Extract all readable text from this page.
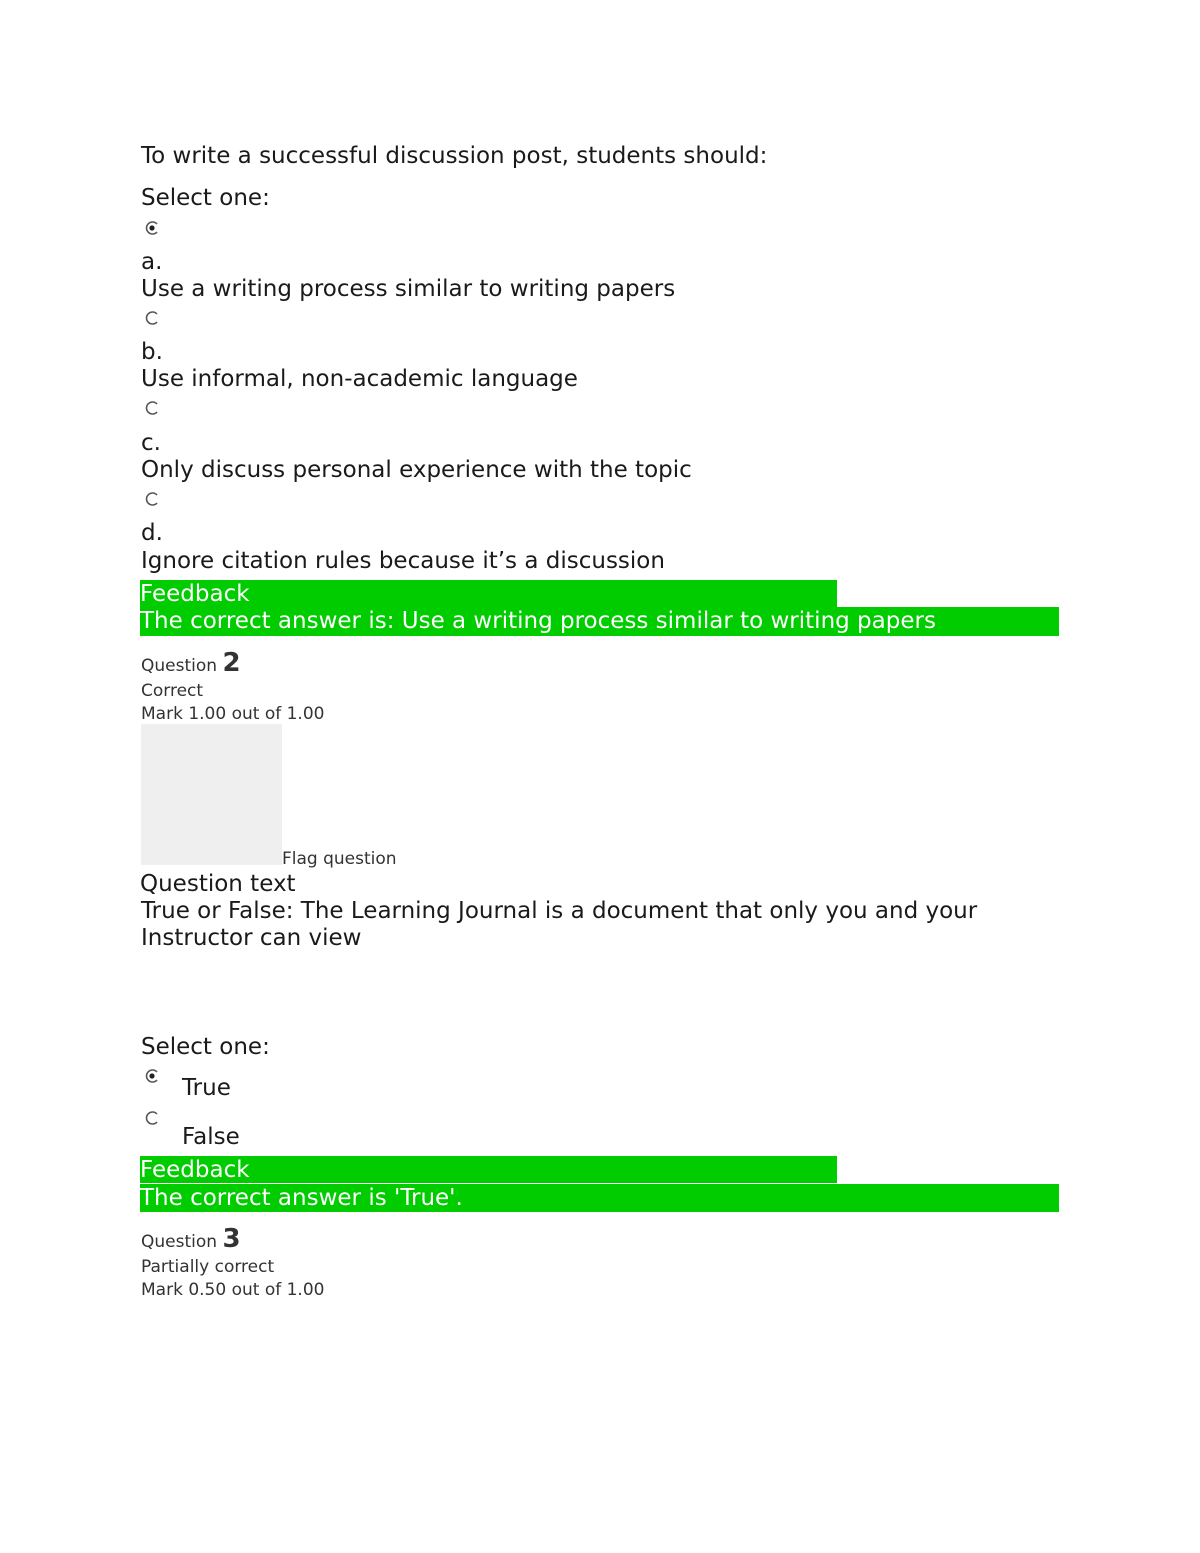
To write a successful discussion post, students should:
Select one:
a.
Use a writing process similar to writing papers
b.
Use informal, non-academic language
c.
Only discuss personal experience with the topic
d.
Ignore citation rules because it’s a discussion
Feedback
The correct answer is: Use a writing process similar to writing papers
Question 2
Correct
Mark 1.00 out of 1.00
Flag question
Question text
True or False: The Learning Journal is a document that only you and your
Instructor can view
Select one:
True
False
Feedback
The correct answer is 'True'.
Question 3
Partially correct
Mark 0.50 out of 1.00
